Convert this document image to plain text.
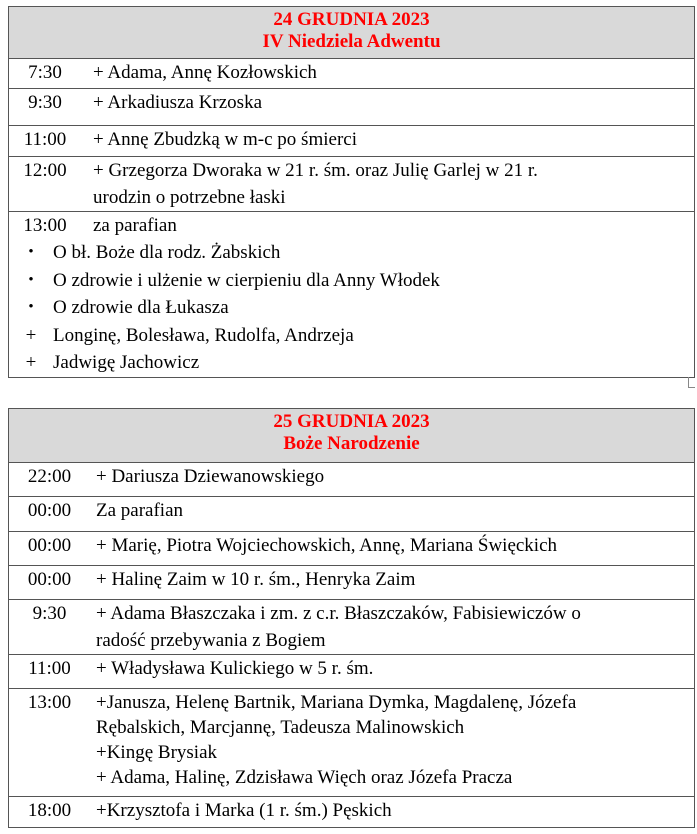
24 GRUDNIA 2023
IV Niedziela Adwentu

7:30	+ Adama, Annę Kozłowskich

9:30	+ Arkadiusza Krzoska

11:00	+ Annę Zbudzką w m-c po śmierci

12:00	+ Grzegorza Dworaka w 21 r. śm. oraz Julię Garlej w 21 r.
urodzin o potrzebne łaski

13:00	za parafian
•	O bł. Boże dla rodz. Żabskich
•	O zdrowie i ulżenie w cierpieniu dla Anny Włodek
•	O zdrowie dla Łukasza
+ Longinę, Bolesława, Rudolfa, Andrzeja
+ Jadwigę Jachowicz
25 GRUDNIA 2023
Boże Narodzenie

22:00	+ Dariusza Dziewanowskiego

00:00	Za parafian

00:00	+ Marię, Piotra Wojciechowskich, Annę, Mariana Święckich

00:00	+ Halinę Zaim w 10 r. śm., Henryka Zaim

9:30	+ Adama Błaszczaka i zm. z c.r. Błaszczaków, Fabisiewiczów o
radość przebywania z Bogiem

11:00	+ Władysława Kulickiego w 5 r. śm.

13:00	+Janusza, Helenę Bartnik, Mariana Dymka, Magdalenę, Józefa
Rębalskich, Marcjannę, Tadeusza Malinowskich
+Kingę Brysiak
+ Adama, Halinę, Zdzisława Więch oraz Józefa Pracza

18:00	+Krzysztofa i Marka (1 r. śm.) Pęskich
